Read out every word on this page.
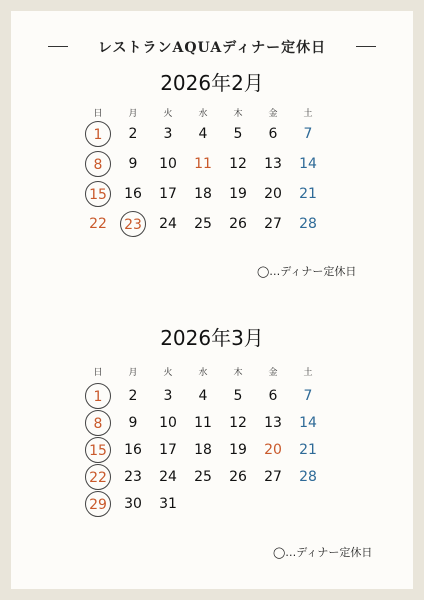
レストランAQUAディナー定休日
2026年2月
2026年3月
◯…ディナー定休日
◯…ディナー定休日
日	月	火	水	木	金	土
1	2	3	4	5	6	7
8	9	10	11	12	13	14
15	16	17	18	19	20	21
22	23	24	25	26	27	28
日	月	火	水	木	金	土
1	2	3	4	5	6	7
8	9	10	11	12	13	14
15	16	17	18	19	20	21
22	23	24	25	26	27	28
29	30	31
